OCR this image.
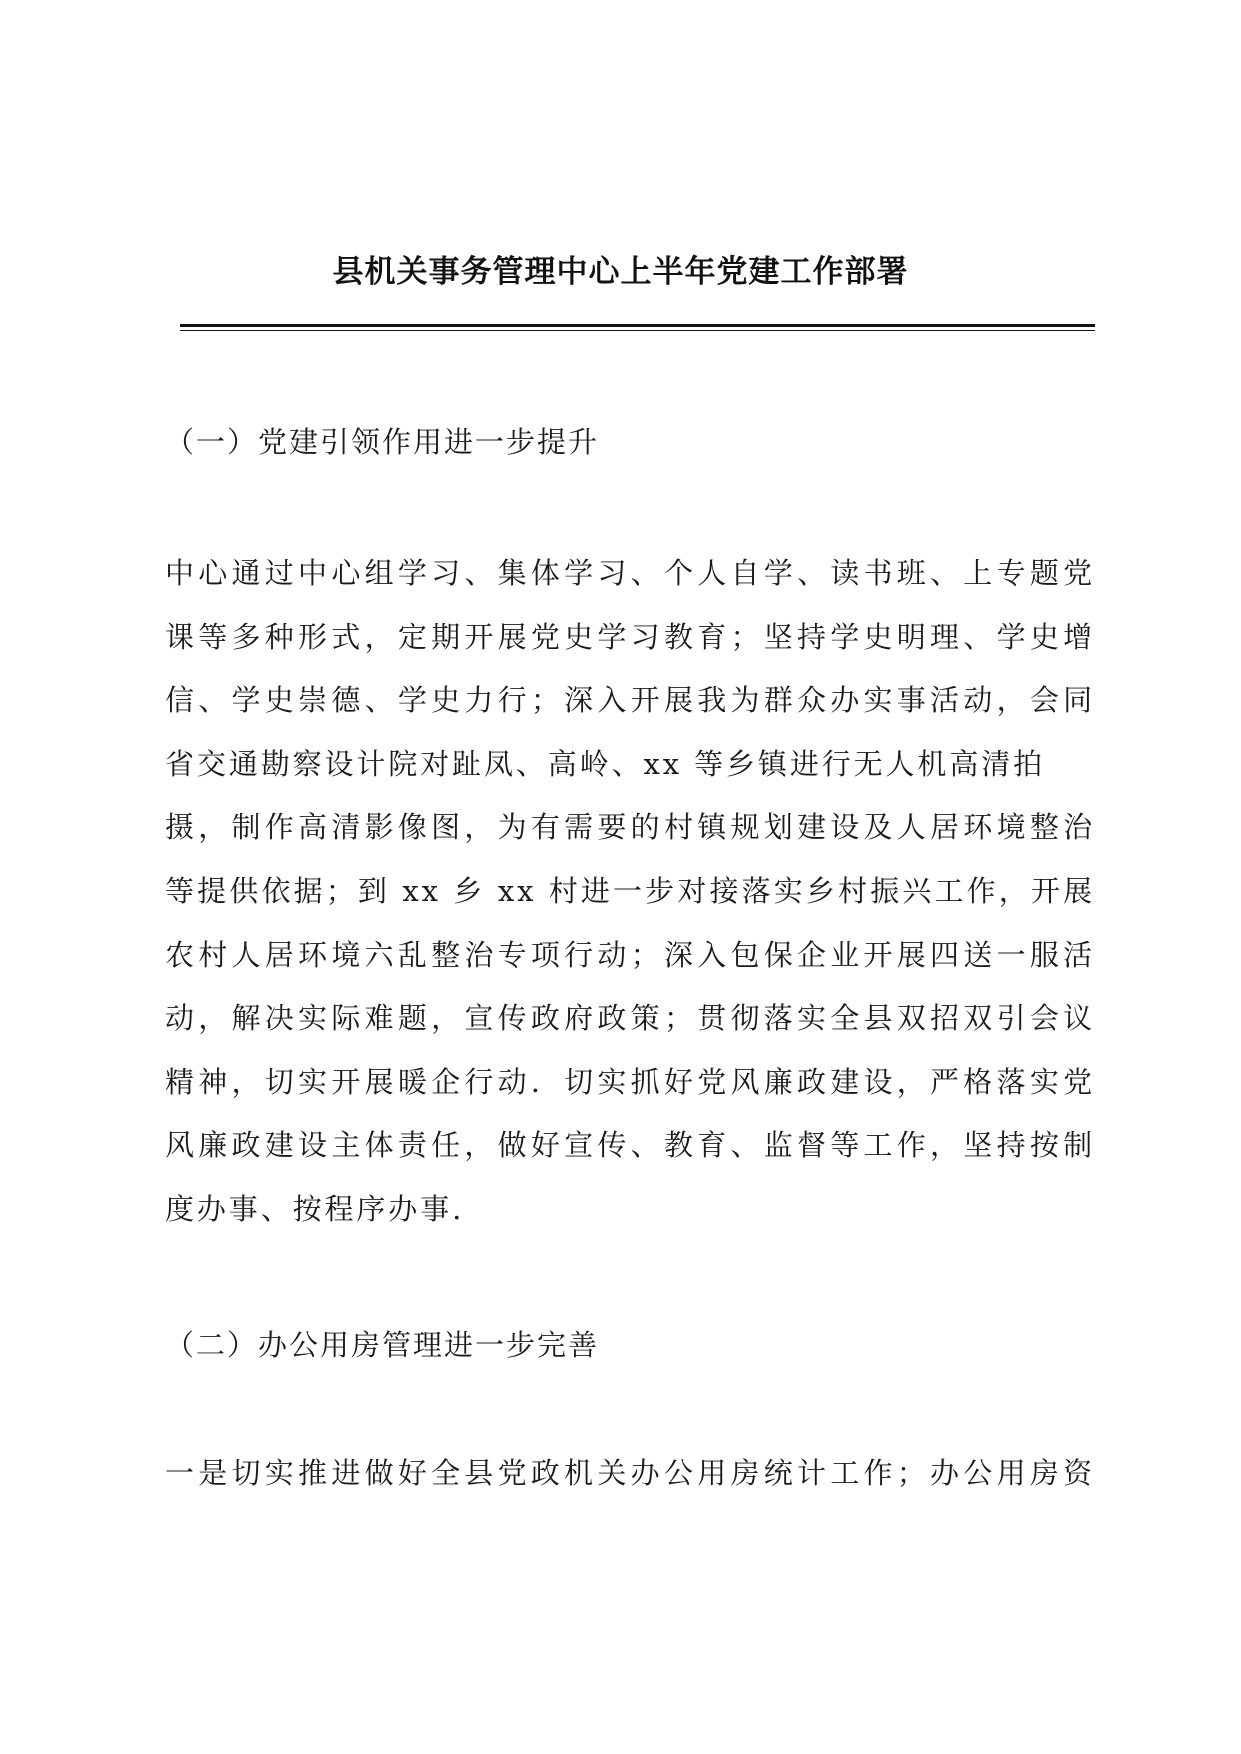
县机关事务管理中心上半年党建工作部署
（一）党建引领作用进一步提升
中心通过中心组学习、集体学习、个人自学、读书班、上专题党
课等多种形式，定期开展党史学习教育；坚持学史明理、学史增
信、学史崇德、学史力行；深入开展我为群众办实事活动，会同
省交通勘察设计院对趾凤、高岭、xx 等乡镇进行无人机高清拍
摄，制作高清影像图，为有需要的村镇规划建设及人居环境整治
等提供依据；到 xx 乡 xx 村进一步对接落实乡村振兴工作，开展
农村人居环境六乱整治专项行动；深入包保企业开展四送一服活
动，解决实际难题，宣传政府政策；贯彻落实全县双招双引会议
精神，切实开展暖企行动．切实抓好党风廉政建设，严格落实党
风廉政建设主体责任，做好宣传、教育、监督等工作，坚持按制
度办事、按程序办事.
（二）办公用房管理进一步完善
一是切实推进做好全县党政机关办公用房统计工作；办公用房资
